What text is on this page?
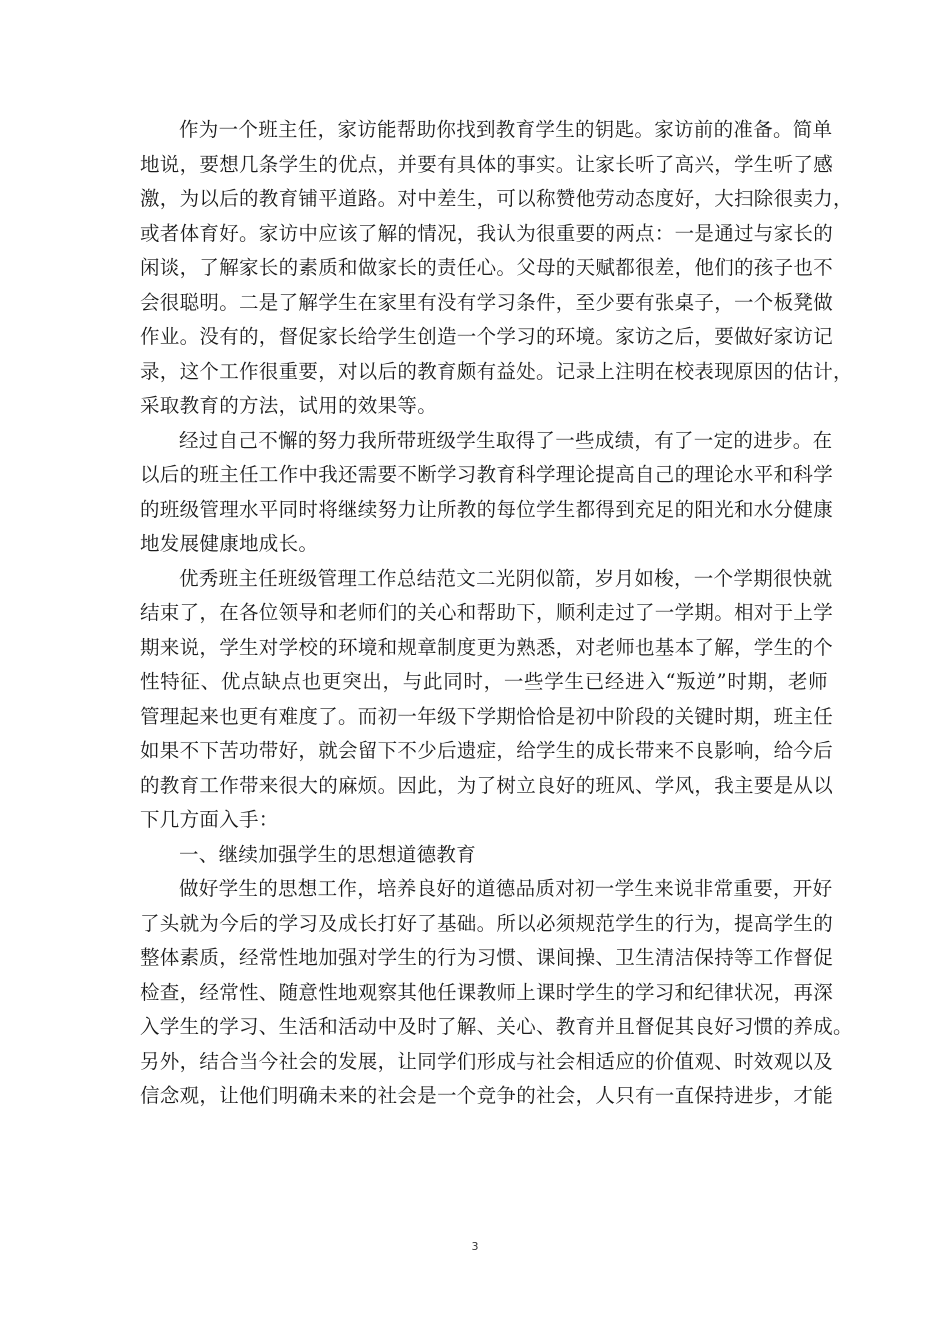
作为一个班主任，家访能帮助你找到教育学生的钥匙。家访前的准备。简单
地说，要想几条学生的优点，并要有具体的事实。让家长听了高兴，学生听了感
激，为以后的教育铺平道路。对中差生，可以称赞他劳动态度好，大扫除很卖力，
或者体育好。家访中应该了解的情况，我认为很重要的两点：一是通过与家长的
闲谈，了解家长的素质和做家长的责任心。父母的天赋都很差，他们的孩子也不
会很聪明。二是了解学生在家里有没有学习条件，至少要有张桌子，一个板凳做
作业。没有的，督促家长给学生创造一个学习的环境。家访之后，要做好家访记
录，这个工作很重要，对以后的教育颇有益处。记录上注明在校表现原因的估计，
采取教育的方法，试用的效果等。
经过自己不懈的努力我所带班级学生取得了一些成绩，有了一定的进步。在
以后的班主任工作中我还需要不断学习教育科学理论提高自己的理论水平和科学
的班级管理水平同时将继续努力让所教的每位学生都得到充足的阳光和水分健康
地发展健康地成长。
优秀班主任班级管理工作总结范文二光阴似箭，岁月如梭，一个学期很快就
结束了，在各位领导和老师们的关心和帮助下，顺利走过了一学期。相对于上学
期来说，学生对学校的环境和规章制度更为熟悉，对老师也基本了解，学生的个
性特征、优点缺点也更突出，与此同时，一些学生已经进入“叛逆”时期，老师
管理起来也更有难度了。而初一年级下学期恰恰是初中阶段的关键时期，班主任
如果不下苦功带好，就会留下不少后遗症，给学生的成长带来不良影响，给今后
的教育工作带来很大的麻烦。因此，为了树立良好的班风、学风，我主要是从以
下几方面入手：
一、继续加强学生的思想道德教育
做好学生的思想工作，培养良好的道德品质对初一学生来说非常重要，开好
了头就为今后的学习及成长打好了基础。所以必须规范学生的行为，提高学生的
整体素质，经常性地加强对学生的行为习惯、课间操、卫生清洁保持等工作督促
检查，经常性、随意性地观察其他任课教师上课时学生的学习和纪律状况，再深
入学生的学习、生活和活动中及时了解、关心、教育并且督促其良好习惯的养成。
另外，结合当今社会的发展，让同学们形成与社会相适应的价值观、时效观以及
信念观，让他们明确未来的社会是一个竞争的社会，人只有一直保持进步，才能
3
